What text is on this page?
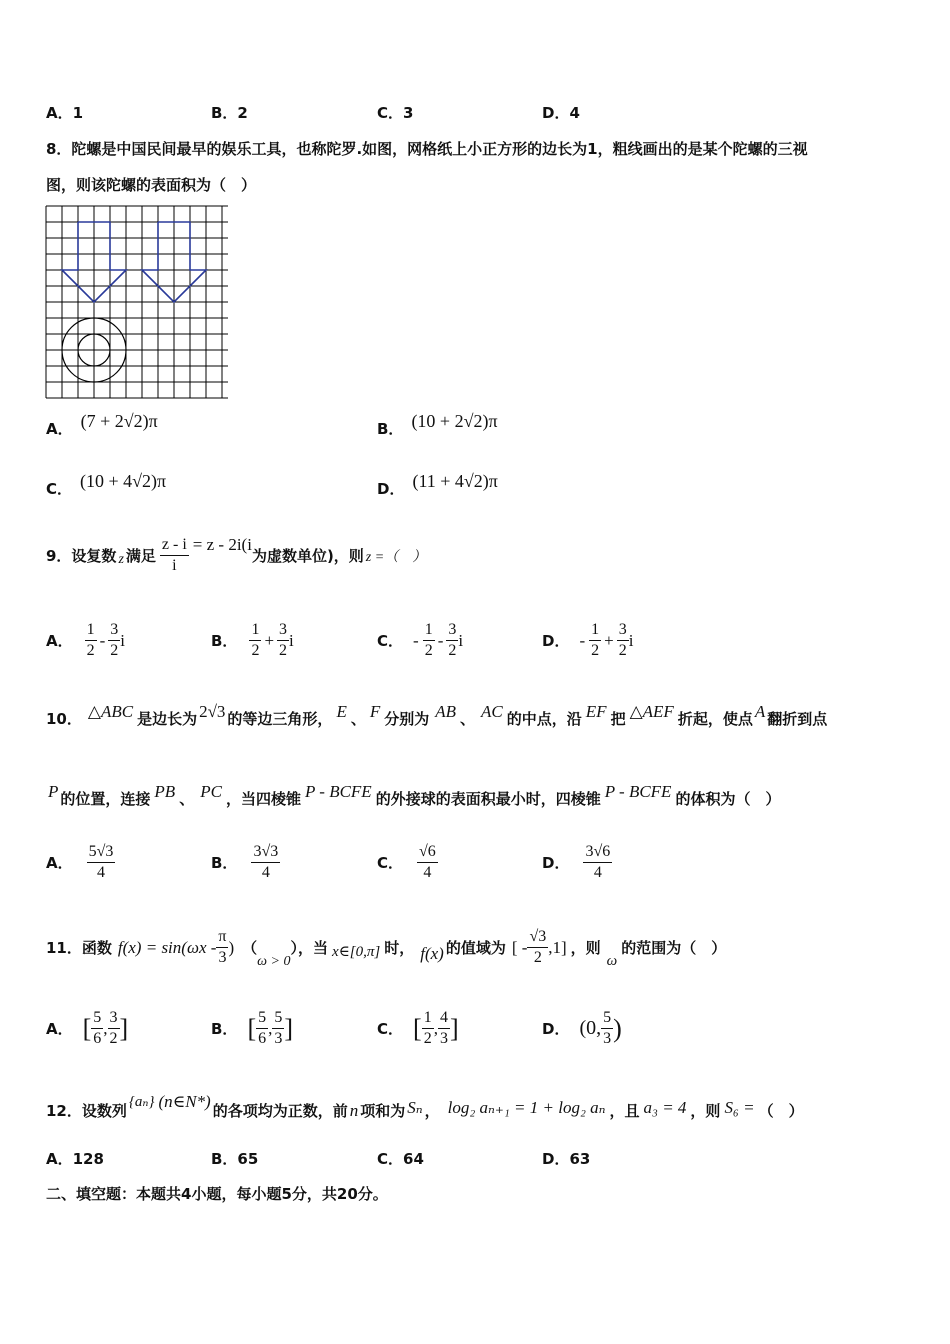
A．1	B．2	C．3	D．4
8．陀螺是中国民间最早的娱乐工具，也称陀罗.如图，网格纸上小正方形的边长为1，粗线画出的是某个陀螺的三视
图，则该陀螺的表面积为（　）
A． (7 + 2√2)π	B． (10 + 2√2)π
C． (10 + 4√2)π	D． (11 + 4√2)π
9．设复数 z 满足 $\frac{z - i}{i} = z - 2i(i$
为虚数单位)，则 z =（　）
A． $\frac{1}{2} - \frac{3}{2}$ i	B． $\frac{1}{2} + \frac{3}{2}$ i	C． - $\frac{1}{2} - \frac{3}{2}$ i	D． - $\frac{1}{2} + \frac{3}{2}$ i
10． △ABC 是边长为 2√3 的等边三角形， E 、 F 分别为 AB 、 AC 的中点，沿 EF 把 △AEF 折起，使点 A 翻折到点
P 的位置，连接 PB 、 PC ，当四棱锥 P - BCFE 的外接球的表面积最小时，四棱锥 P - BCFE 的体积为（　）
A． $\frac{5√3}{4}$	B． $\frac{3√3}{4}$	C． $\frac{√6}{4}$	D． $\frac{3√6}{4}$
11．函数 $f(x) = \sin(\omega x - \frac{\pi}{3}$ ) （
ω > 0
），当 x∈[0,π] 时， f(x) 的值域为 [ - $\frac{√3}{2} ,1$] ，则
ω
的范围为（　）
A． [ $\frac{5}{6}$ , $\frac{3}{2}$ ]	B． [ $\frac{5}{6}$ , $\frac{5}{3}$ ]	C． [ $\frac{1}{2}$ , $\frac{4}{3}$ ]	D． (0, $\frac{5}{3}$ )
12．设数列 {aₙ} (n∈N*)
的各项均为正数，前 n 项和为 Sₙ ， log₂ aₙ₊₁ = 1 + log₂ aₙ ，且 a₃ = 4 ，则 S₆ = （　）
A．128	B．65	C．64	D．63
二、填空题：本题共4小题，每小题5分，共20分。
